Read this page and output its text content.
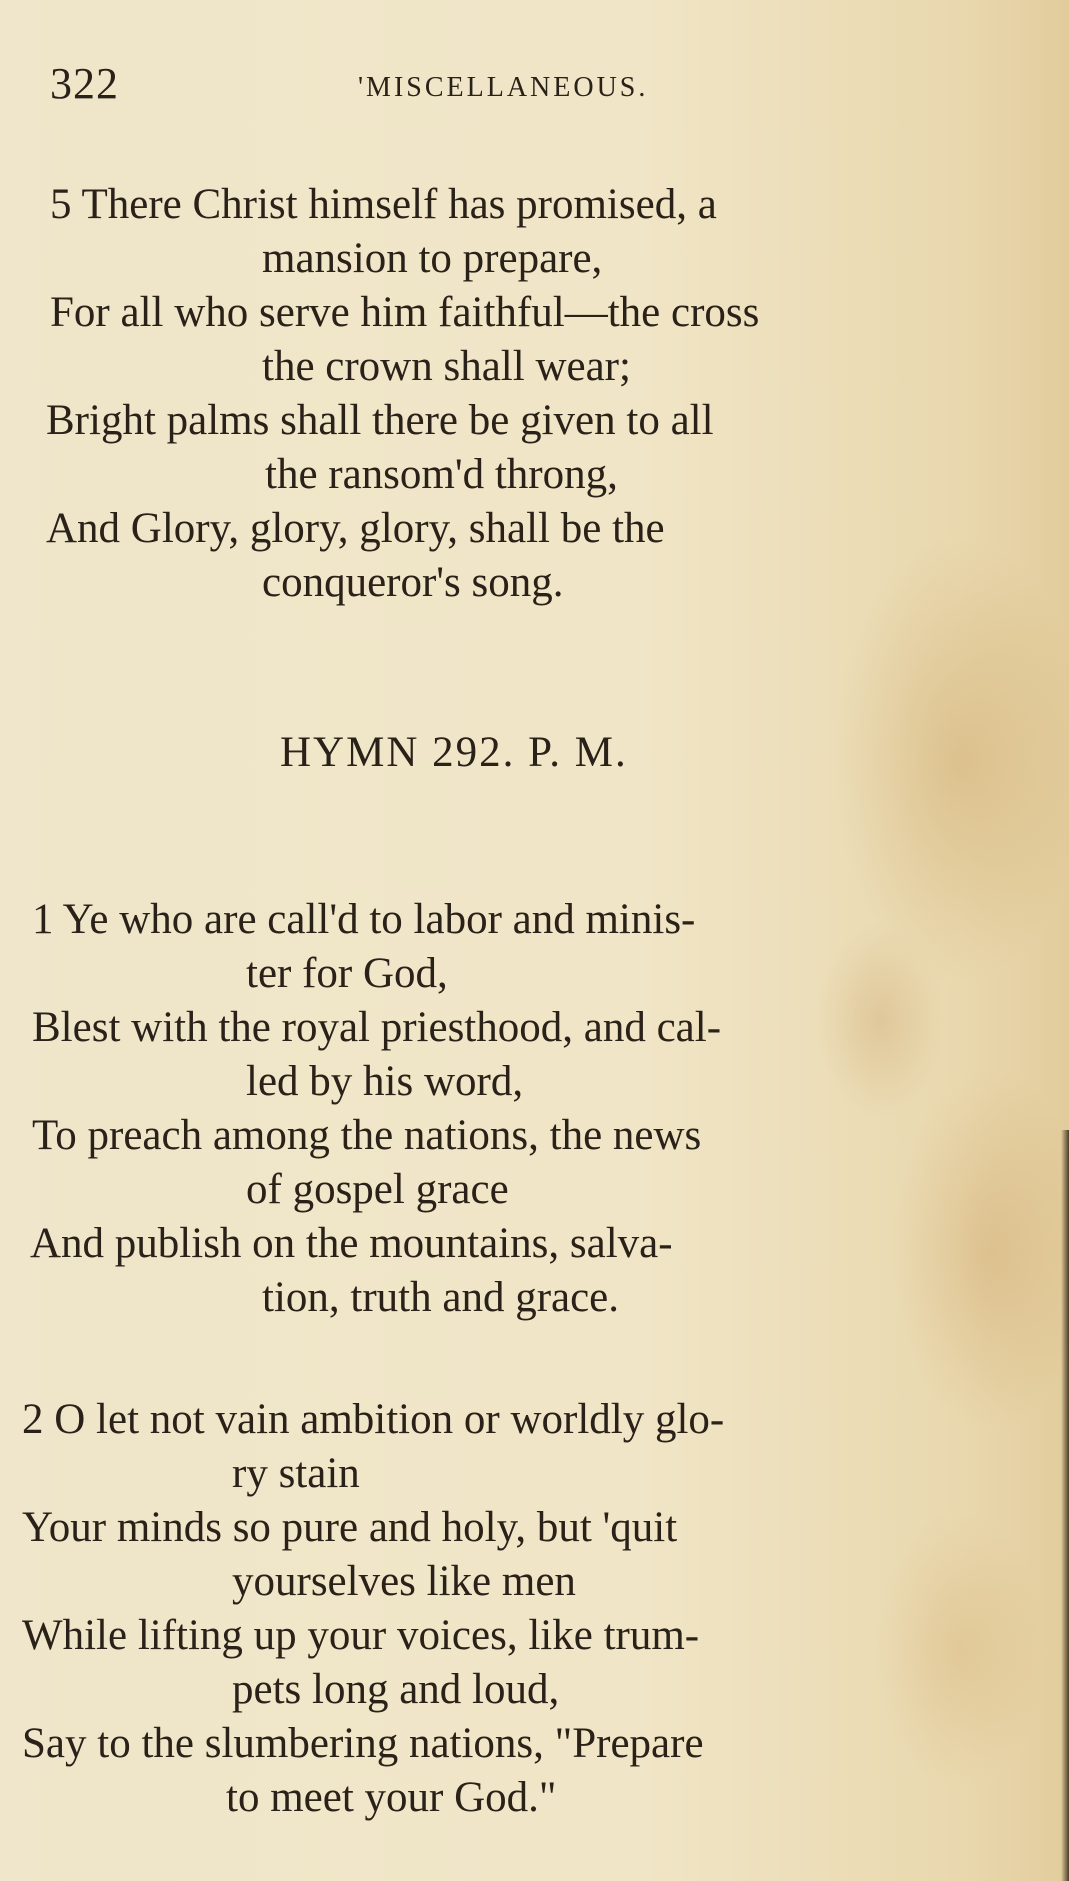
322	'MISCELLANEOUS.
5 There Christ himself has promised, a
mansion to prepare,
For all who serve him faithful—the cross
the crown shall wear;
Bright palms shall there be given to all
the ransom'd throng,
And Glory, glory, glory, shall be the
conqueror's song.
HYMN 292. P. M.
1 Ye who are call'd to labor and minis-
ter for God,
Blest with the royal priesthood, and cal-
led by his word,
To preach among the nations, the news
of gospel grace
And publish on the mountains, salva-
tion, truth and grace.
2 O let not vain ambition or worldly glo-
ry stain
Your minds so pure and holy, but 'quit
yourselves like men
While lifting up your voices, like trum-
pets long and loud,
Say to the slumbering nations, "Prepare
to meet your God."
